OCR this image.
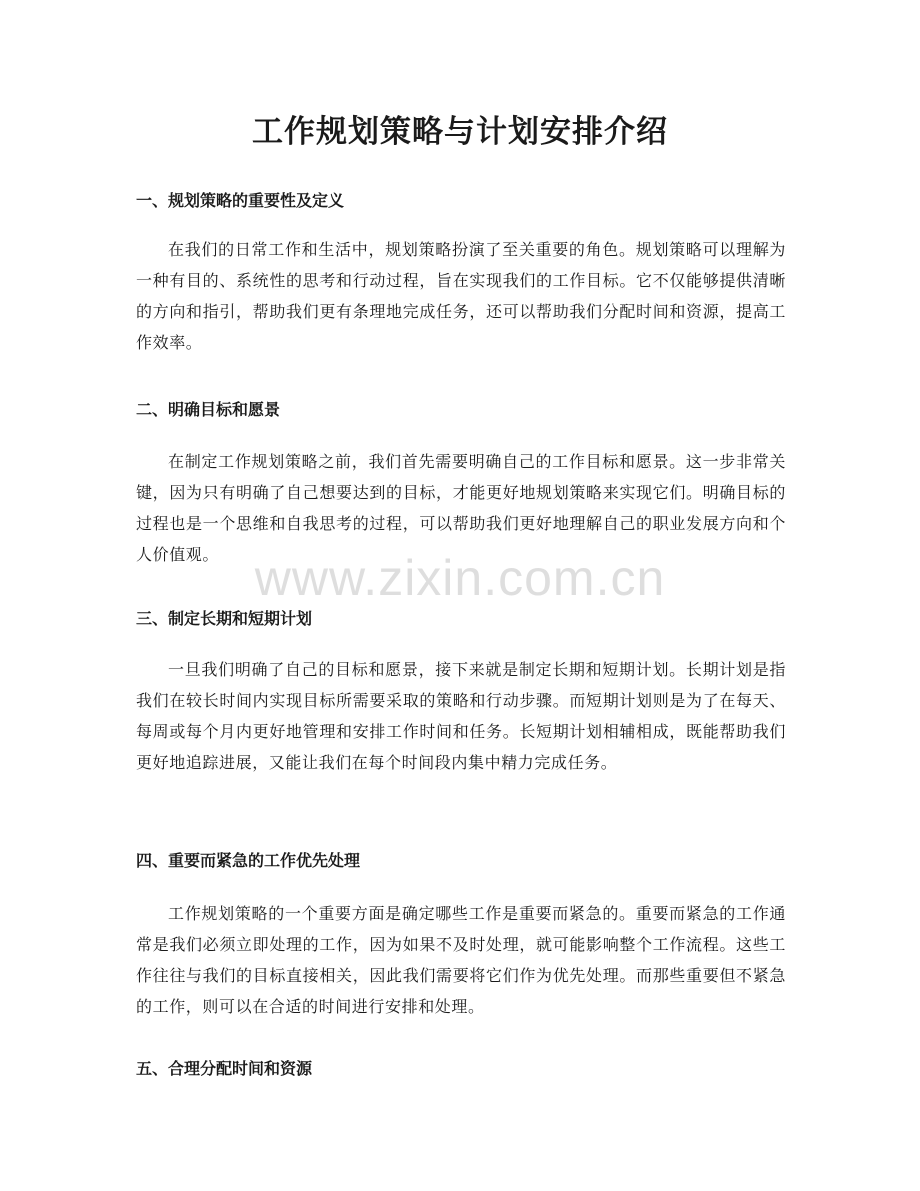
工作规划策略与计划安排介绍
一、规划策略的重要性及定义

在我们的日常工作和生活中，规划策略扮演了至关重要的角色。规划策略可以理解为一种有目的、系统性的思考和行动过程，旨在实现我们的工作目标。它不仅能够提供清晰的方向和指引，帮助我们更有条理地完成任务，还可以帮助我们分配时间和资源，提高工作效率。

二、明确目标和愿景

在制定工作规划策略之前，我们首先需要明确自己的工作目标和愿景。这一步非常关键，因为只有明确了自己想要达到的目标，才能更好地规划策略来实现它们。明确目标的过程也是一个思维和自我思考的过程，可以帮助我们更好地理解自己的职业发展方向和个人价值观。

三、制定长期和短期计划

一旦我们明确了自己的目标和愿景，接下来就是制定长期和短期计划。长期计划是指我们在较长时间内实现目标所需要采取的策略和行动步骤。而短期计划则是为了在每天、每周或每个月内更好地管理和安排工作时间和任务。长短期计划相辅相成，既能帮助我们更好地追踪进展，又能让我们在每个时间段内集中精力完成任务。

四、重要而紧急的工作优先处理

工作规划策略的一个重要方面是确定哪些工作是重要而紧急的。重要而紧急的工作通常是我们必须立即处理的工作，因为如果不及时处理，就可能影响整个工作流程。这些工作往往与我们的目标直接相关，因此我们需要将它们作为优先处理。而那些重要但不紧急的工作，则可以在合适的时间进行安排和处理。

五、合理分配时间和资源
www.zixin.com.cn
